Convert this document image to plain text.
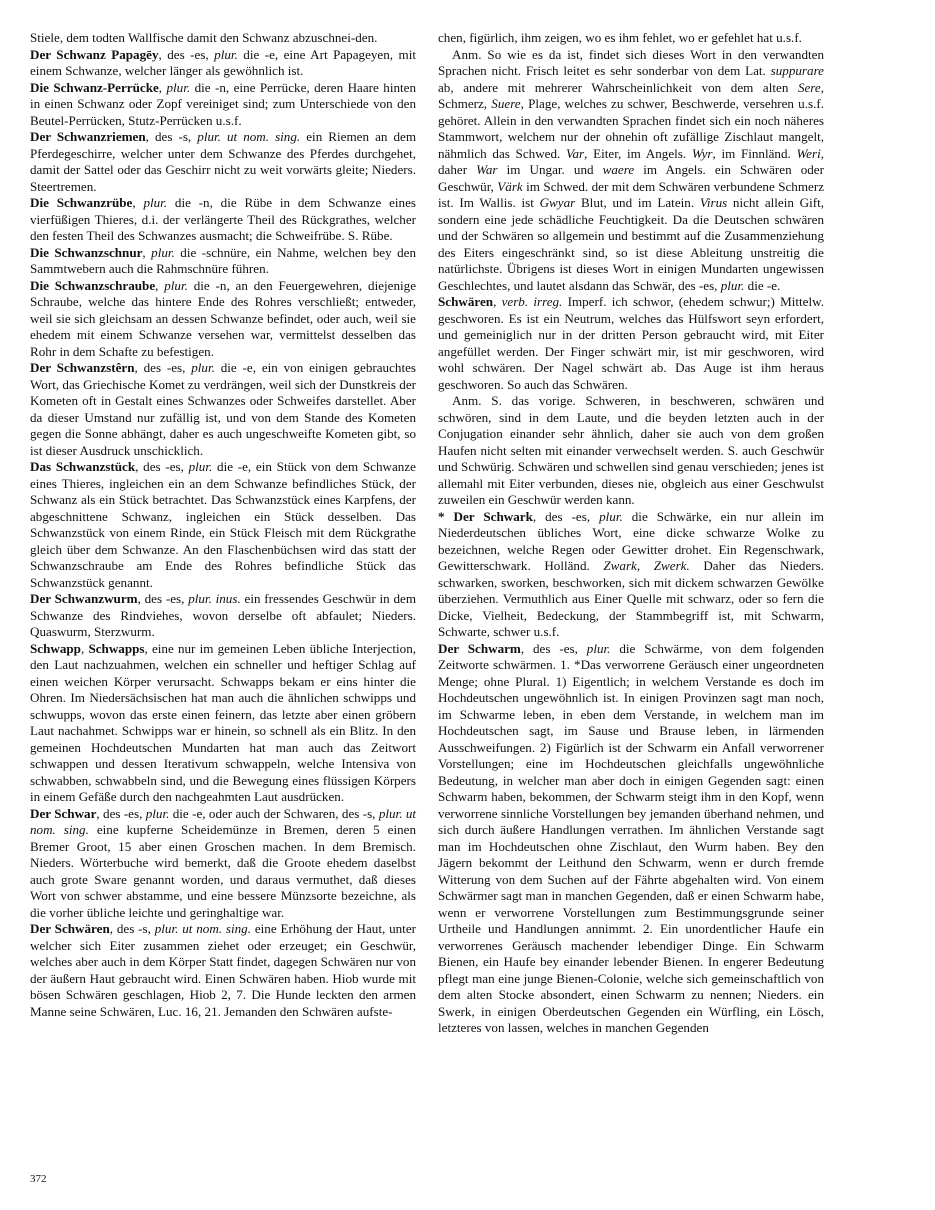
Stiele, dem todten Wallfische damit den Schwanz abzuschnei-den.

Der Schwanz Papagēy, des -es, plur. die -e, eine Art Papageyen, mit einem Schwanze, welcher länger als gewöhnlich ist.

Die Schwanz-Perrücke, plur. die -n, eine Perrücke, deren Haare hinten in einen Schwanz oder Zopf vereiniget sind; zum Unterschiede von den Beutel-Perrücken, Stutz-Perrücken u.s.f.

Der Schwanzriemen, des -s, plur. ut nom. sing. ein Riemen an dem Pferdegeschirre, welcher unter dem Schwanze des Pferdes durchgehet, damit der Sattel oder das Geschirr nicht zu weit vorwärts gleite; Nieders. Steertremen.

Die Schwanzrübe, plur. die -n, die Rübe in dem Schwanze eines vierfüßigen Thieres, d.i. der verlängerte Theil des Rückgrathes, welcher den festen Theil des Schwanzes ausmacht; die Schweifrübe. S. Rübe.

Die Schwanzschnur, plur. die -schnüre, ein Nahme, welchen bey den Sammtwebern auch die Rahmschnüre führen.

Die Schwanzschraube, plur. die -n, an den Feuergewehren, diejenige Schraube, welche das hintere Ende des Rohres verschließt; entweder, weil sie sich gleichsam an dessen Schwanze befindet, oder auch, weil sie ehedem mit einem Schwanze versehen war, vermittelst desselben das Rohr in dem Schafte zu befestigen.

Der Schwanzstêrn, des -es, plur. die -e, ein von einigen gebrauchtes Wort, das Griechische Komet zu verdrängen, weil sich der Dunstkreis der Kometen oft in Gestalt eines Schwanzes oder Schweifes darstellet. Aber da dieser Umstand nur zufällig ist, und von dem Stande des Kometen gegen die Sonne abhängt, daher es auch ungeschweifte Kometen gibt, so ist dieser Ausdruck unschicklich.

Das Schwanzstück, des -es, plur. die -e, ein Stück von dem Schwanze eines Thieres, ingleichen ein an dem Schwanze befindliches Stück, der Schwanz als ein Stück betrachtet. Das Schwanzstück eines Karpfens, der abgeschnittene Schwanz, ingleichen ein Stück desselben. Das Schwanzstück von einem Rinde, ein Stück Fleisch mit dem Rückgrathe gleich über dem Schwanze. An den Flaschenbüchsen wird das statt der Schwanzschraube am Ende des Rohres befindliche Stück das Schwanzstück genannt.

Der Schwanzwurm, des -es, plur. inus. ein fressendes Geschwür in dem Schwanze des Rindviehes, wovon derselbe oft abfaulet; Nieders. Quaswurm, Sterzwurm.

Schwapp, Schwapps, eine nur im gemeinen Leben übliche Interjection, den Laut nachzuahmen, welchen ein schneller und heftiger Schlag auf einen weichen Körper verursacht. Schwapps bekam er eins hinter die Ohren. Im Niedersächsischen hat man auch die ähnlichen schwipps und schwupps, wovon das erste einen feinern, das letzte aber einen gröbern Laut nachahmet. Schwipps war er hinein, so schnell als ein Blitz. In den gemeinen Hochdeutschen Mundarten hat man auch das Zeitwort schwappen und dessen Iterativum schwappeln, welche Intensiva von schwabben, schwabbeln sind, und die Bewegung eines flüssigen Körpers in einem Gefäße durch den nachgeahmten Laut ausdrücken.

Der Schwar, des -es, plur. die -e, oder auch der Schwaren, des -s, plur. ut nom. sing. eine kupferne Scheidemünze in Bremen, deren 5 einen Bremer Groot, 15 aber einen Groschen machen. In dem Bremisch. Nieders. Wörterbuche wird bemerkt, daß die Groote ehedem daselbst auch grote Sware genannt worden, und daraus vermuthet, daß dieses Wort von schwer abstamme, und eine bessere Münzsorte bezeichne, als die vorher übliche leichte und geringhaltige war.

Der Schwären, des -s, plur. ut nom. sing. eine Erhöhung der Haut, unter welcher sich Eiter zusammen ziehet oder erzeuget; ein Geschwür, welches aber auch in dem Körper Statt findet, dagegen Schwären nur von der äußern Haut gebraucht wird. Einen Schwären haben. Hiob wurde mit bösen Schwären geschlagen, Hiob 2, 7. Die Hunde leckten den armen Manne seine Schwären, Luc. 16, 21. Jemanden den Schwären aufste-

chen, figürlich, ihm zeigen, wo es ihm fehlet, wo er gefehlet hat u.s.f.

Anm. So wie es da ist, findet sich dieses Wort in den verwandten Sprachen nicht. Frisch leitet es sehr sonderbar von dem Lat. suppurare ab, andere mit mehrerer Wahrscheinlichkeit von dem alten Sere, Schmerz, Suere, Plage, welches zu schwer, Beschwerde, versehren u.s.f. gehöret. Allein in den verwandten Sprachen findet sich ein noch näheres Stammwort, welchem nur der ohnehin oft zufällige Zischlaut mangelt, nähmlich das Schwed. Var, Eiter, im Angels. Wyr, im Finnländ. Weri, daher War im Ungar. und waere im Angels. ein Schwären oder Geschwür, Värk im Schwed. der mit dem Schwären verbundene Schmerz ist. Im Wallis. ist Gwyar Blut, und im Latein. Virus nicht allein Gift, sondern eine jede schädliche Feuchtigkeit. Da die Deutschen schwären und der Schwären so allgemein und bestimmt auf die Zusammenziehung des Eiters eingeschränkt sind, so ist diese Ableitung unstreitig die natürlichste. Übrigens ist dieses Wort in einigen Mundarten ungewissen Geschlechtes, und lautet alsdann das Schwär, des -es, plur. die -e.

Schwären, verb. irreg. Imperf. ich schwor, (ehedem schwur;) Mittelw. geschworen. Es ist ein Neutrum, welches das Hülfswort seyn erfordert, und gemeiniglich nur in der dritten Person gebraucht wird, mit Eiter angefüllet werden. Der Finger schwärt mir, ist mir geschworen, wird wohl schwären. Der Nagel schwärt ab. Das Auge ist ihm heraus geschworen. So auch das Schwären.

Anm. S. das vorige. Schweren, in beschweren, schwären und schwören, sind in dem Laute, und die beyden letzten auch in der Conjugation einander sehr ähnlich, daher sie auch von dem großen Haufen nicht selten mit einander verwechselt werden. S. auch Geschwür und Schwürig. Schwären und schwellen sind genau verschieden; jenes ist allemahl mit Eiter verbunden, dieses nie, obgleich aus einer Geschwulst zuweilen ein Geschwür werden kann.

* Der Schwark, des -es, plur. die Schwärke, ein nur allein im Niederdeutschen übliches Wort, eine dicke schwarze Wolke zu bezeichnen, welche Regen oder Gewitter drohet. Ein Regenschwark, Gewitterschwark. Holländ. Zwark, Zwerk. Daher das Nieders. schwarken, sworken, beschworken, sich mit dickem schwarzen Gewölke überziehen. Vermuthlich aus Einer Quelle mit schwarz, oder so fern die Dicke, Vielheit, Bedeckung, der Stammbegriff ist, mit Schwarm, Schwarte, schwer u.s.f.

Der Schwarm, des -es, plur. die Schwärme, von dem folgenden Zeitworte schwärmen. 1. *Das verworrene Geräusch einer ungeordneten Menge; ohne Plural. 1) Eigentlich; in welchem Verstande es doch im Hochdeutschen ungewöhnlich ist. In einigen Provinzen sagt man noch, im Schwarme leben, in eben dem Verstande, in welchem man im Hochdeutschen sagt, im Sause und Brause leben, in lärmenden Ausschweifungen. 2) Figürlich ist der Schwarm ein Anfall verworrener Vorstellungen; eine im Hochdeutschen gleichfalls ungewöhnliche Bedeutung, in welcher man aber doch in einigen Gegenden sagt: einen Schwarm haben, bekommen, der Schwarm steigt ihm in den Kopf, wenn verworrene sinnliche Vorstellungen bey jemanden überhand nehmen, und sich durch äußere Handlungen verrathen. Im ähnlichen Verstande sagt man im Hochdeutschen ohne Zischlaut, den Wurm haben. Bey den Jägern bekommt der Leithund den Schwarm, wenn er durch fremde Witterung von dem Suchen auf der Fährte abgehalten wird. Von einem Schwärmer sagt man in manchen Gegenden, daß er einen Schwarm habe, wenn er verworrene Vorstellungen zum Bestimmungsgrunde seiner Urtheile und Handlungen annimmt. 2. Ein unordentlicher Haufe ein verworrenes Geräusch machender lebendiger Dinge. Ein Schwarm Bienen, ein Haufe bey einander lebender Bienen. In engerer Bedeutung pflegt man eine junge Bienen-Colonie, welche sich gemeinschaftlich von dem alten Stocke absondert, einen Schwarm zu nennen; Nieders. ein Swerk, in einigen Oberdeutschen Gegenden ein Würfling, ein Lösch, letzteres von lassen, welches in manchen Gegenden

372
